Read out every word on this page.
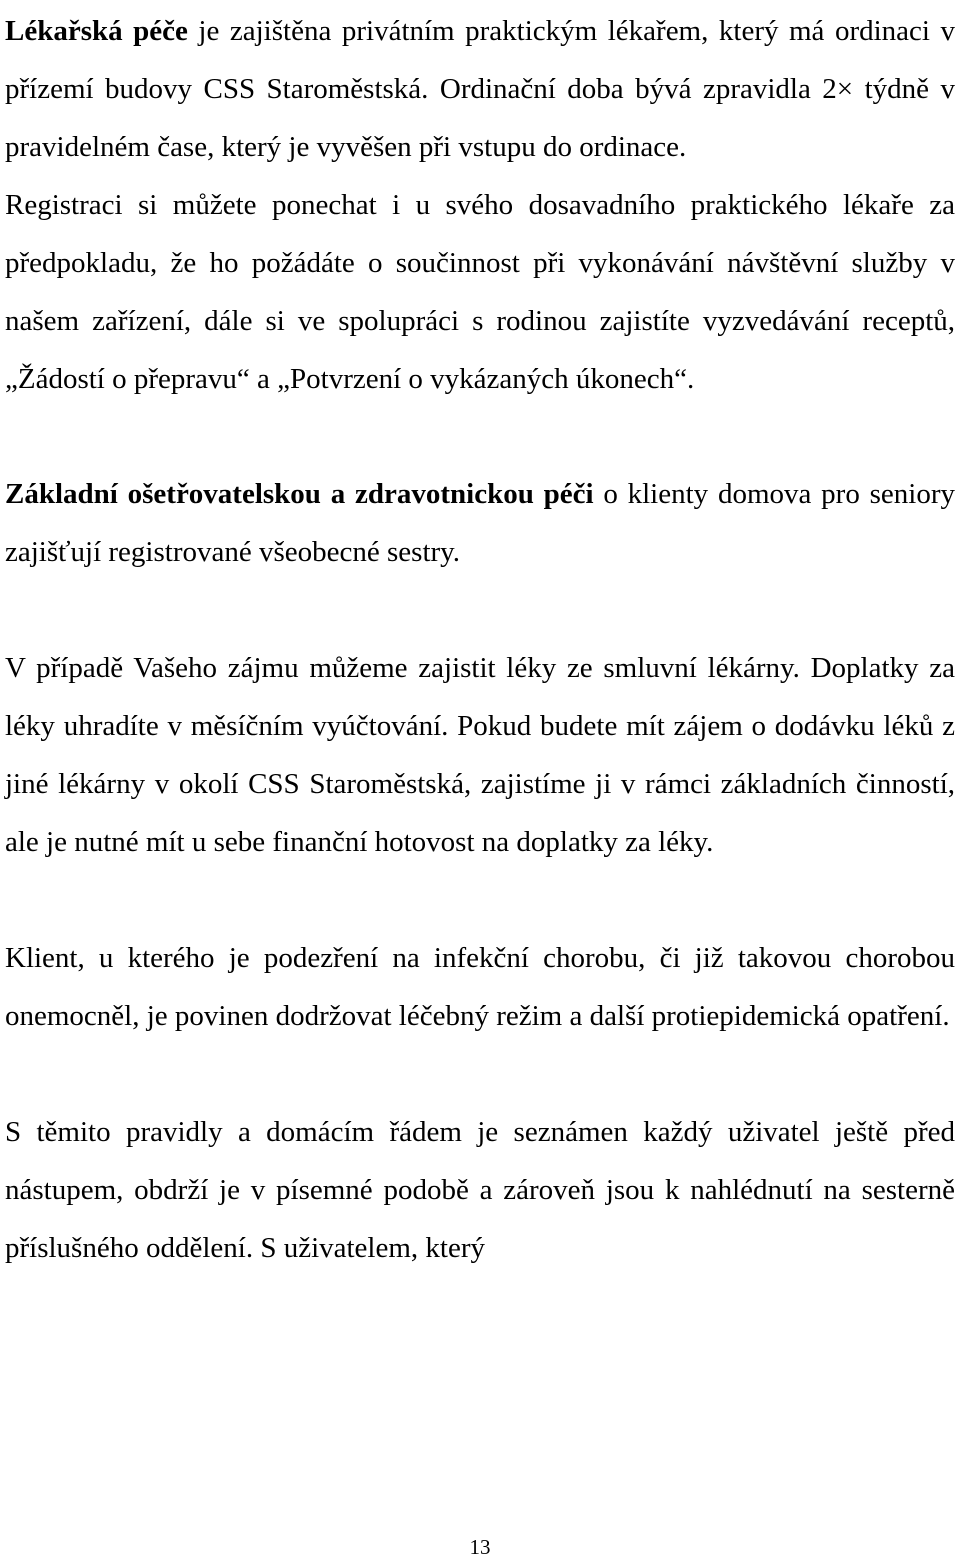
Lékařská péče je zajištěna privátním praktickým lékařem, který má ordinaci v přízemí budovy CSS Staroměstská. Ordinační doba bývá zpravidla 2× týdně v pravidelném čase, který je vyvěšen při vstupu do ordinace.

Registraci si můžete ponechat i u svého dosavadního praktického lékaře za předpokladu, že ho požádáte o součinnost při vykonávání návštěvní služby v našem zařízení, dále si ve spolupráci s rodinou zajistíte vyzvedávání receptů, „Žádostí o přepravu“ a „Potvrzení o vykázaných úkonech“.

Základní ošetřovatelskou a zdravotnickou péči o klienty domova pro seniory zajišťují registrované všeobecné sestry.

V případě Vašeho zájmu můžeme zajistit léky ze smluvní lékárny. Doplatky za léky uhradíte v měsíčním vyúčtování. Pokud budete mít zájem o dodávku léků z jiné lékárny v okolí CSS Staroměstská, zajistíme ji v rámci základních činností, ale je nutné mít u sebe finanční hotovost na doplatky za léky.

Klient, u kterého je podezření na infekční chorobu, či již takovou chorobou onemocněl, je povinen dodržovat léčebný režim a další protiepidemická opatření.

S těmito pravidly a domácím řádem je seznámen každý uživatel ještě před nástupem, obdrží je v písemné podobě a zároveň jsou k nahlédnutí na sesterně příslušného oddělení. S uživatelem, který

13
